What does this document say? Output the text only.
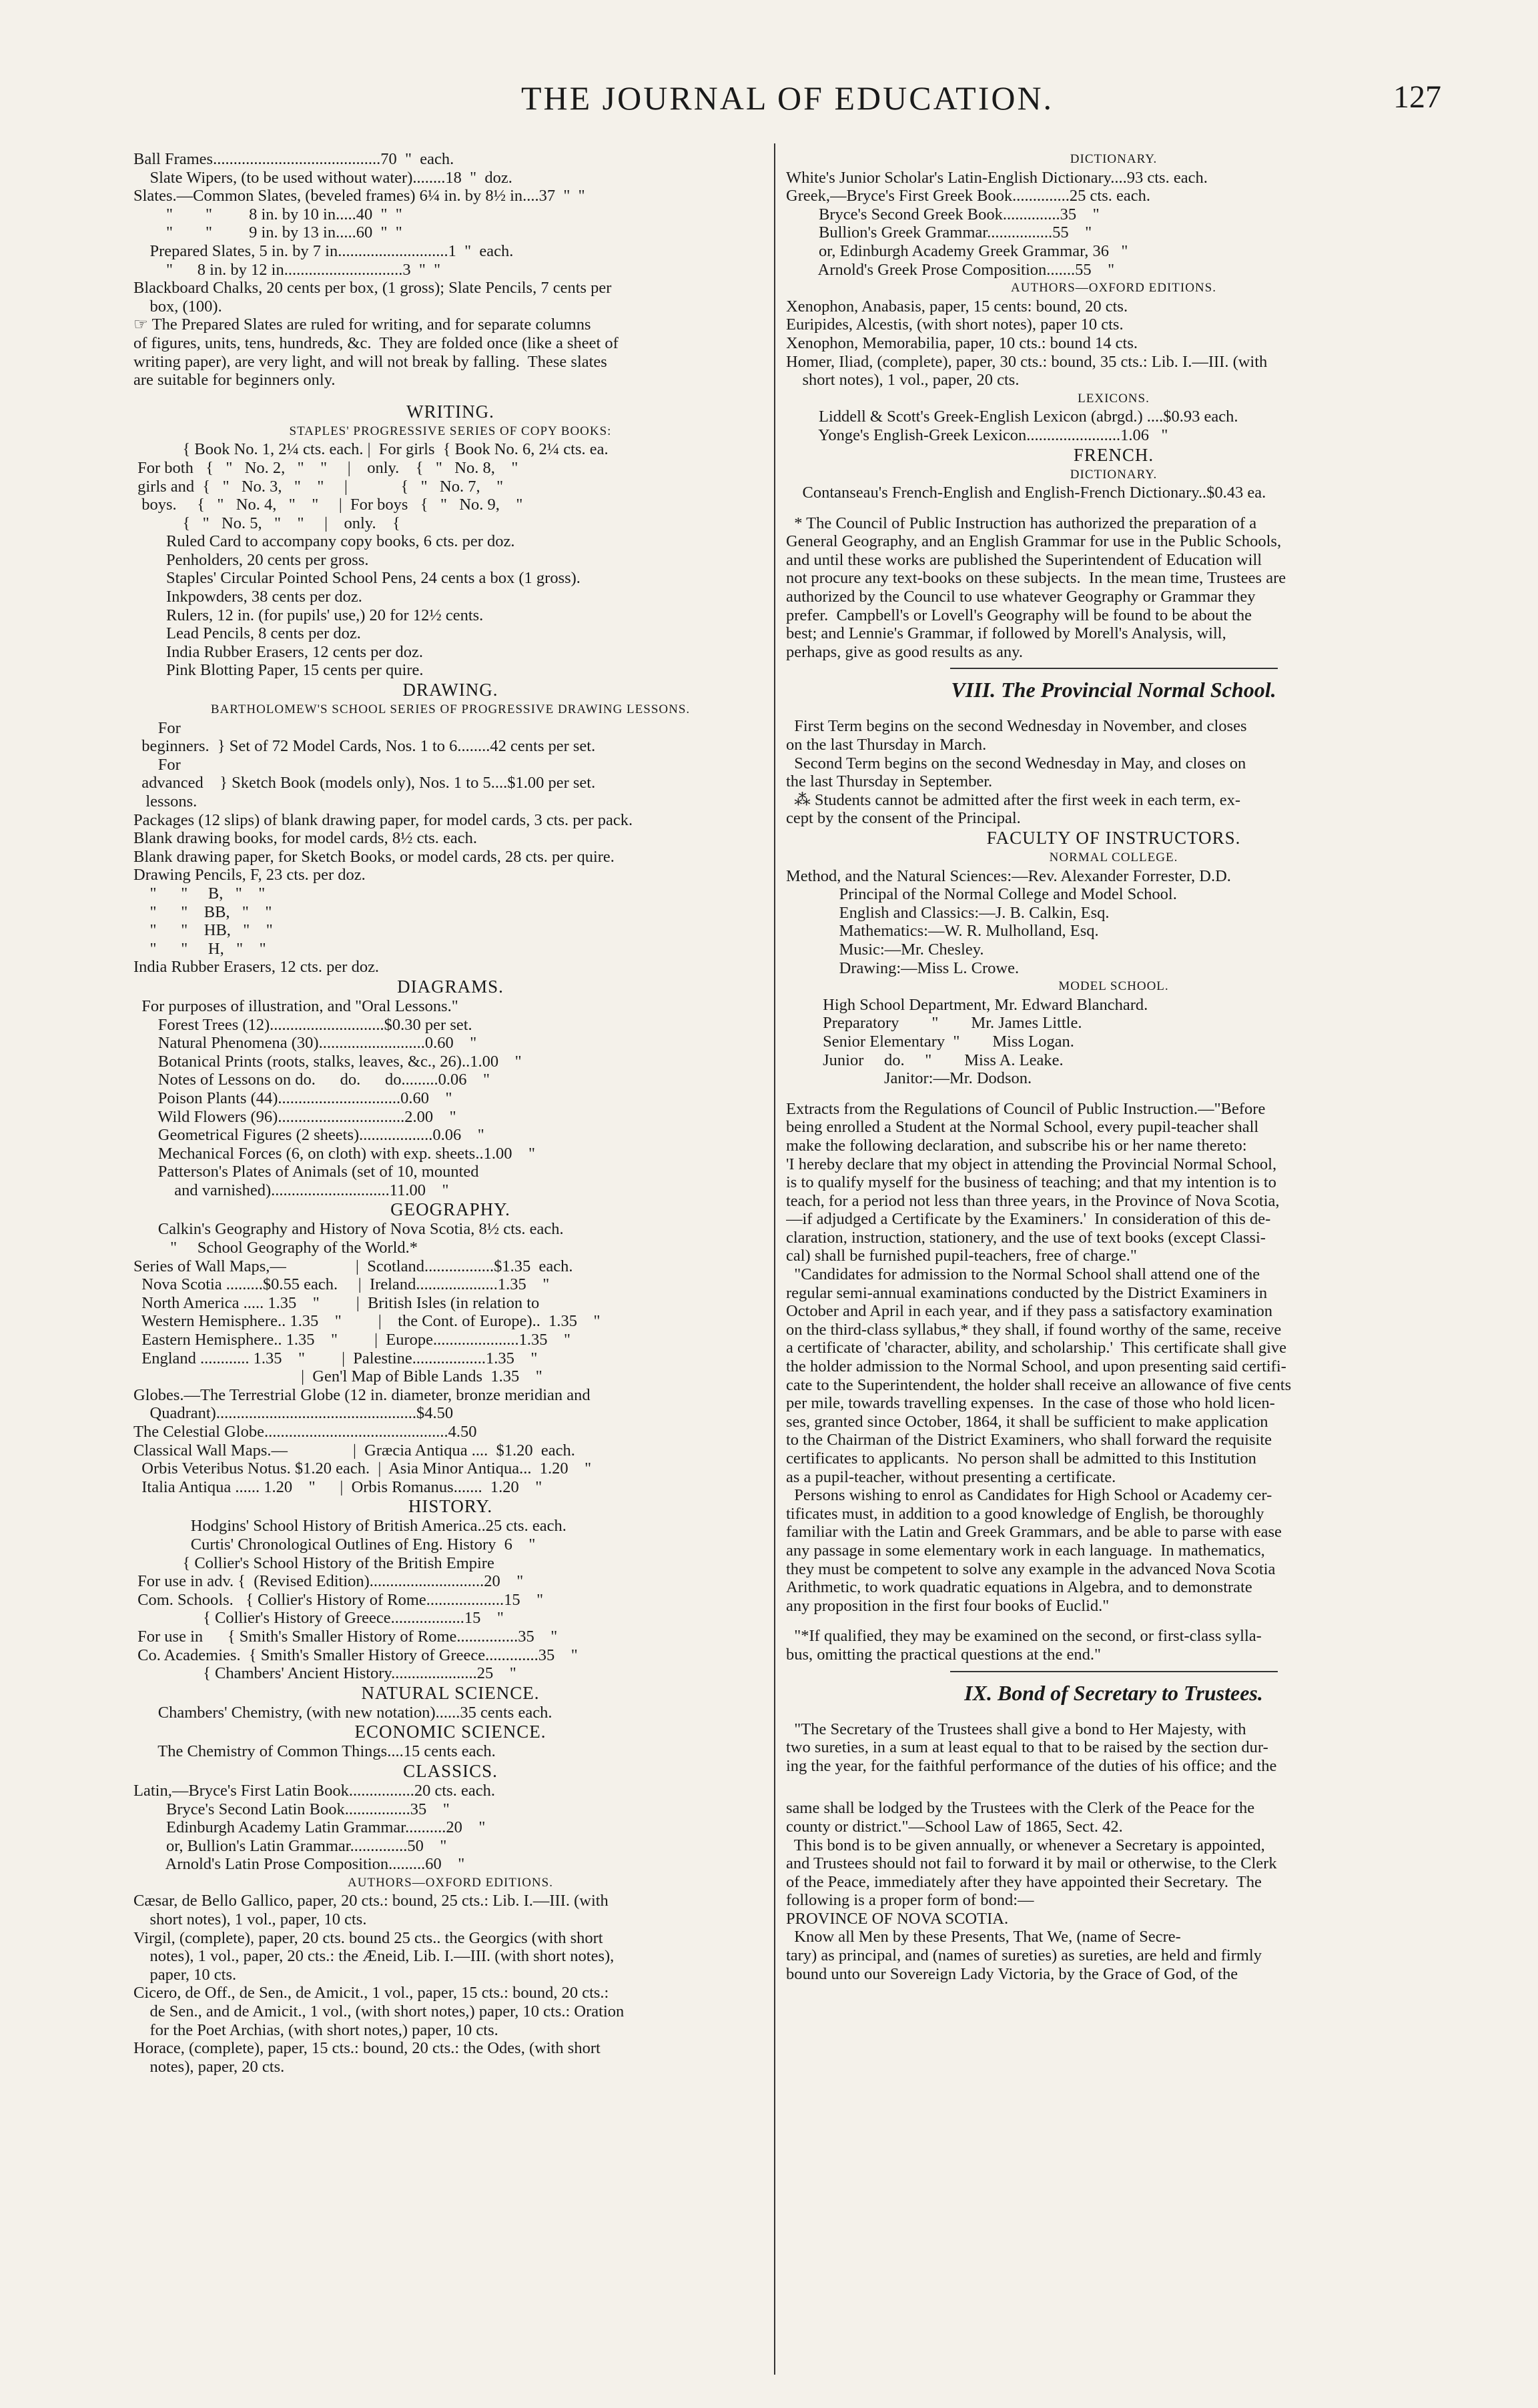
THE JOURNAL OF EDUCATION.	127
Ball Frames.........................................70  "  each.
Slate Wipers, (to be used without water)........18  "  doz.
Slates.—Common Slates, (beveled frames) 6¼ in. by 8½ in....37  "  "
"        "         8 in. by 10 in.....40  "  "
"        "         9 in. by 13 in.....60  "  "
Prepared Slates, 5 in. by 7 in...........................1  "  each.
"      8 in. by 12 in.............................3  "  "
Blackboard Chalks, 20 cents per box, (1 gross); Slate Pencils, 7 cents per
box, (100).
☞ The Prepared Slates are ruled for writing, and for separate columns
of figures, units, tens, hundreds, &c.  They are folded once (like a sheet of
writing paper), are very light, and will not break by falling.  These slates
are suitable for beginners only.
WRITING.
STAPLES' PROGRESSIVE SERIES OF COPY BOOKS:
{ Book No. 1, 2¼ cts. each. |  For girls  { Book No. 6, 2¼ cts. ea.
For both   {   "   No. 2,   "    "     |    only.    {   "   No. 8,    "
girls and  {   "   No. 3,   "    "     |             {   "   No. 7,    "
boys.     {   "   No. 4,   "    "     |  For boys   {   "   No. 9,    "
{   "   No. 5,   "    "     |    only.    {
Ruled Card to accompany copy books, 6 cts. per doz.
Penholders, 20 cents per gross.
Staples' Circular Pointed School Pens, 24 cents a box (1 gross).
Inkpowders, 38 cents per doz.
Rulers, 12 in. (for pupils' use,) 20 for 12½ cents.
Lead Pencils, 8 cents per doz.
India Rubber Erasers, 12 cents per doz.
Pink Blotting Paper, 15 cents per quire.
DRAWING.
BARTHOLOMEW'S SCHOOL SERIES OF PROGRESSIVE DRAWING LESSONS.
For
beginners.  } Set of 72 Model Cards, Nos. 1 to 6........42 cents per set.
For
advanced    } Sketch Book (models only), Nos. 1 to 5....$1.00 per set.
lessons.
Packages (12 slips) of blank drawing paper, for model cards, 3 cts. per pack.
Blank drawing books, for model cards, 8½ cts. each.
Blank drawing paper, for Sketch Books, or model cards, 28 cts. per quire.
Drawing Pencils, F, 23 cts. per doz.
"      "     B,   "    "
"      "    BB,   "    "
"      "    HB,   "    "
"      "     H,   "    "
India Rubber Erasers, 12 cts. per doz.
DIAGRAMS.
For purposes of illustration, and "Oral Lessons."
Forest Trees (12)............................$0.30 per set.
Natural Phenomena (30)..........................0.60    "
Botanical Prints (roots, stalks, leaves, &c., 26)..1.00    "
Notes of Lessons on do.      do.      do.........0.06    "
Poison Plants (44)..............................0.60    "
Wild Flowers (96)...............................2.00    "
Geometrical Figures (2 sheets)..................0.06    "
Mechanical Forces (6, on cloth) with exp. sheets..1.00    "
Patterson's Plates of Animals (set of 10, mounted
and varnished).............................11.00    "
GEOGRAPHY.
Calkin's Geography and History of Nova Scotia, 8½ cts. each.
"     School Geography of the World.*
Series of Wall Maps,—                 |  Scotland.................$1.35  each.
Nova Scotia .........$0.55 each.     |  Ireland....................1.35    "
North America ..... 1.35    "         |  British Isles (in relation to
Western Hemisphere.. 1.35    "         |    the Cont. of Europe)..  1.35    "
Eastern Hemisphere.. 1.35    "         |  Europe.....................1.35    "
England ............ 1.35    "         |  Palestine..................1.35    "
|  Gen'l Map of Bible Lands  1.35    "
Globes.—The Terrestrial Globe (12 in. diameter, bronze meridian and
Quadrant).................................................$4.50
The Celestial Globe.............................................4.50
Classical Wall Maps.—                |  Græcia Antiqua ....  $1.20  each.
Orbis Veteribus Notus. $1.20 each.  |  Asia Minor Antiqua...  1.20    "
Italia Antiqua ...... 1.20    "      |  Orbis Romanus.......  1.20    "
HISTORY.
Hodgins' School History of British America..25 cts. each.
Curtis' Chronological Outlines of Eng. History  6    "
{ Collier's School History of the British Empire
For use in adv. {  (Revised Edition)............................20    "
Com. Schools.   { Collier's History of Rome...................15    "
{ Collier's History of Greece..................15    "
For use in      { Smith's Smaller History of Rome...............35    "
Co. Academies.  { Smith's Smaller History of Greece.............35    "
{ Chambers' Ancient History.....................25    "
NATURAL SCIENCE.
Chambers' Chemistry, (with new notation)......35 cents each.
ECONOMIC SCIENCE.
The Chemistry of Common Things....15 cents each.
CLASSICS.
Latin,—Bryce's First Latin Book................20 cts. each.
Bryce's Second Latin Book................35    "
Edinburgh Academy Latin Grammar..........20    "
or, Bullion's Latin Grammar..............50    "
Arnold's Latin Prose Composition.........60    "
AUTHORS—OXFORD EDITIONS.
Cæsar, de Bello Gallico, paper, 20 cts.: bound, 25 cts.: Lib. I.—III. (with
short notes), 1 vol., paper, 10 cts.
Virgil, (complete), paper, 20 cts. bound 25 cts.. the Georgics (with short
notes), 1 vol., paper, 20 cts.: the Æneid, Lib. I.—III. (with short notes),
paper, 10 cts.
Cicero, de Off., de Sen., de Amicit., 1 vol., paper, 15 cts.: bound, 20 cts.:
de Sen., and de Amicit., 1 vol., (with short notes,) paper, 10 cts.: Oration
for the Poet Archias, (with short notes,) paper, 10 cts.
Horace, (complete), paper, 15 cts.: bound, 20 cts.: the Odes, (with short
notes), paper, 20 cts.
DICTIONARY.
White's Junior Scholar's Latin-English Dictionary....93 cts. each.
Greek,—Bryce's First Greek Book..............25 cts. each.
Bryce's Second Greek Book..............35    "
Bullion's Greek Grammar................55    "
or, Edinburgh Academy Greek Grammar, 36   "
Arnold's Greek Prose Composition.......55    "
AUTHORS—OXFORD EDITIONS.
Xenophon, Anabasis, paper, 15 cents: bound, 20 cts.
Euripides, Alcestis, (with short notes), paper 10 cts.
Xenophon, Memorabilia, paper, 10 cts.: bound 14 cts.
Homer, Iliad, (complete), paper, 30 cts.: bound, 35 cts.: Lib. I.—III. (with
short notes), 1 vol., paper, 20 cts.
LEXICONS.
Liddell & Scott's Greek-English Lexicon (abrgd.) ....$0.93 each.
Yonge's English-Greek Lexicon.......................1.06   "
FRENCH.
DICTIONARY.
Contanseau's French-English and English-French Dictionary..$0.43 ea.
* The Council of Public Instruction has authorized the preparation of a
General Geography, and an English Grammar for use in the Public Schools,
and until these works are published the Superintendent of Education will
not procure any text-books on these subjects.  In the mean time, Trustees are
authorized by the Council to use whatever Geography or Grammar they
prefer.  Campbell's or Lovell's Geography will be found to be about the
best; and Lennie's Grammar, if followed by Morell's Analysis, will,
perhaps, give as good results as any.
VIII. The Provincial Normal School.
First Term begins on the second Wednesday in November, and closes
on the last Thursday in March.
Second Term begins on the second Wednesday in May, and closes on
the last Thursday in September.
⁂ Students cannot be admitted after the first week in each term, ex-
cept by the consent of the Principal.
FACULTY OF INSTRUCTORS.
NORMAL COLLEGE.
Method, and the Natural Sciences:—Rev. Alexander Forrester, D.D.
Principal of the Normal College and Model School.
English and Classics:—J. B. Calkin, Esq.
Mathematics:—W. R. Mulholland, Esq.
Music:—Mr. Chesley.
Drawing:—Miss L. Crowe.
MODEL SCHOOL.
High School Department, Mr. Edward Blanchard.
Preparatory        "        Mr. James Little.
Senior Elementary  "        Miss Logan.
Junior     do.     "        Miss A. Leake.
Janitor:—Mr. Dodson.
Extracts from the Regulations of Council of Public Instruction.—"Before
being enrolled a Student at the Normal School, every pupil-teacher shall
make the following declaration, and subscribe his or her name thereto:
'I hereby declare that my object in attending the Provincial Normal School,
is to qualify myself for the business of teaching; and that my intention is to
teach, for a period not less than three years, in the Province of Nova Scotia,
—if adjudged a Certificate by the Examiners.'  In consideration of this de-
claration, instruction, stationery, and the use of text books (except Classi-
cal) shall be furnished pupil-teachers, free of charge."
"Candidates for admission to the Normal School shall attend one of the
regular semi-annual examinations conducted by the District Examiners in
October and April in each year, and if they pass a satisfactory examination
on the third-class syllabus,* they shall, if found worthy of the same, receive
a certificate of 'character, ability, and scholarship.'  This certificate shall give
the holder admission to the Normal School, and upon presenting said certifi-
cate to the Superintendent, the holder shall receive an allowance of five cents
per mile, towards travelling expenses.  In the case of those who hold licen-
ses, granted since October, 1864, it shall be sufficient to make application
to the Chairman of the District Examiners, who shall forward the requisite
certificates to applicants.  No person shall be admitted to this Institution
as a pupil-teacher, without presenting a certificate.
Persons wishing to enrol as Candidates for High School or Academy cer-
tificates must, in addition to a good knowledge of English, be thoroughly
familiar with the Latin and Greek Grammars, and be able to parse with ease
any passage in some elementary work in each language.  In mathematics,
they must be competent to solve any example in the advanced Nova Scotia
Arithmetic, to work quadratic equations in Algebra, and to demonstrate
any proposition in the first four books of Euclid."
"*If qualified, they may be examined on the second, or first-class sylla-
bus, omitting the practical questions at the end."
IX. Bond of Secretary to Trustees.
"The Secretary of the Trustees shall give a bond to Her Majesty, with
two sureties, in a sum at least equal to that to be raised by the section dur-
ing the year, for the faithful performance of the duties of his office; and the
same shall be lodged by the Trustees with the Clerk of the Peace for the
county or district."—School Law of 1865, Sect. 42.
This bond is to be given annually, or whenever a Secretary is appointed,
and Trustees should not fail to forward it by mail or otherwise, to the Clerk
of the Peace, immediately after they have appointed their Secretary.  The
following is a proper form of bond:—
PROVINCE OF NOVA SCOTIA.
Know all Men by these Presents, That We, (name of Secre-
tary) as principal, and (names of sureties) as sureties, are held and firmly
bound unto our Sovereign Lady Victoria, by the Grace of God, of the
